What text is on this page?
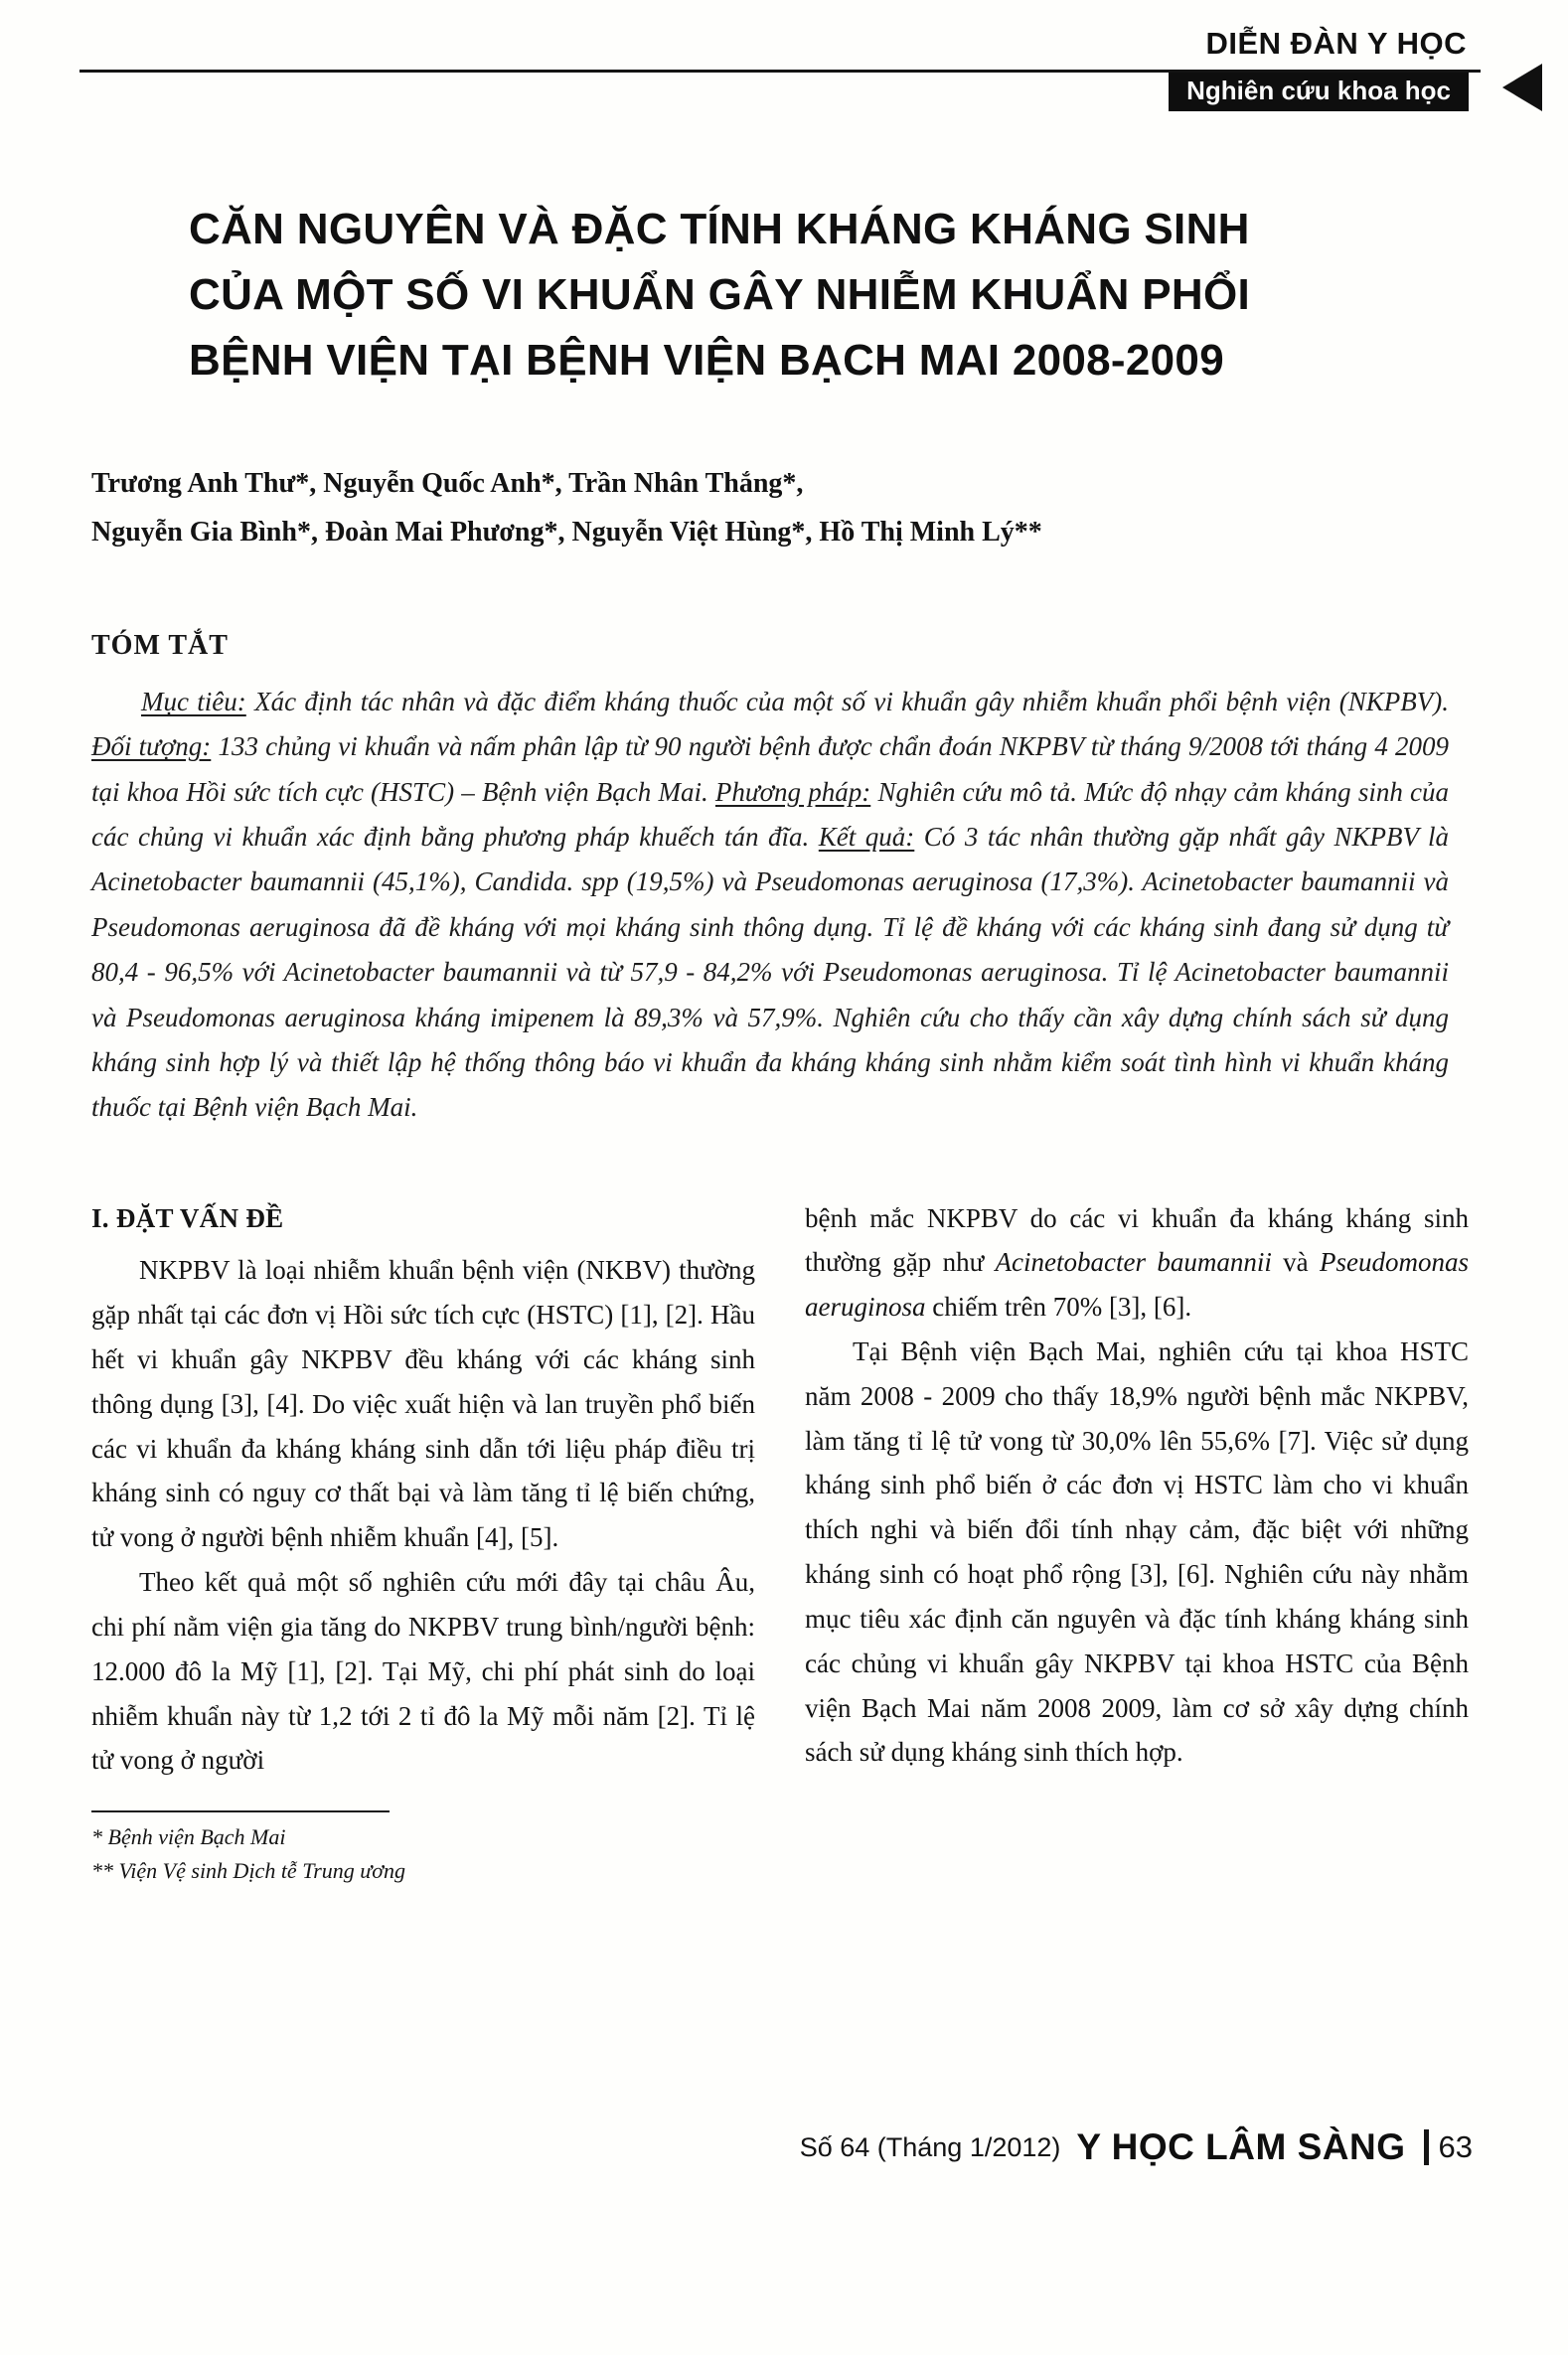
DIỄN ĐÀN Y HỌC
Nghiên cứu khoa học
CĂN NGUYÊN VÀ ĐẶC TÍNH KHÁNG KHÁNG SINH
CỦA MỘT SỐ VI KHUẨN GÂY NHIỄM KHUẨN PHỔI
BỆNH VIỆN TẠI BỆNH VIỆN BẠCH MAI 2008-2009
Trương Anh Thư*, Nguyễn Quốc Anh*, Trần Nhân Thắng*,
Nguyễn Gia Bình*, Đoàn Mai Phương*, Nguyễn Việt Hùng*, Hồ Thị Minh Lý**
TÓM TẮT

Mục tiêu: Xác định tác nhân và đặc điểm kháng thuốc của một số vi khuẩn gây nhiễm khuẩn phổi bệnh viện (NKPBV). Đối tượng: 133 chủng vi khuẩn và nấm phân lập từ 90 người bệnh được chẩn đoán NKPBV từ tháng 9/2008 tới tháng 4 2009 tại khoa Hồi sức tích cực (HSTC) – Bệnh viện Bạch Mai. Phương pháp: Nghiên cứu mô tả. Mức độ nhạy cảm kháng sinh của các chủng vi khuẩn xác định bằng phương pháp khuếch tán đĩa. Kết quả: Có 3 tác nhân thường gặp nhất gây NKPBV là Acinetobacter baumannii (45,1%), Candida. spp (19,5%) và Pseudomonas aeruginosa (17,3%). Acinetobacter baumannii và Pseudomonas aeruginosa đã đề kháng với mọi kháng sinh thông dụng. Tỉ lệ đề kháng với các kháng sinh đang sử dụng từ 80,4 - 96,5% với Acinetobacter baumannii và từ 57,9 - 84,2% với Pseudomonas aeruginosa. Tỉ lệ Acinetobacter baumannii và Pseudomonas aeruginosa kháng imipenem là 89,3% và 57,9%. Nghiên cứu cho thấy cần xây dựng chính sách sử dụng kháng sinh hợp lý và thiết lập hệ thống thông báo vi khuẩn đa kháng kháng sinh nhằm kiểm soát tình hình vi khuẩn kháng thuốc tại Bệnh viện Bạch Mai.

I. ĐẶT VẤN ĐỀ

NKPBV là loại nhiễm khuẩn bệnh viện (NKBV) thường gặp nhất tại các đơn vị Hồi sức tích cực (HSTC) [1], [2]. Hầu hết vi khuẩn gây NKPBV đều kháng với các kháng sinh thông dụng [3], [4]. Do việc xuất hiện và lan truyền phổ biến các vi khuẩn đa kháng kháng sinh dẫn tới liệu pháp điều trị kháng sinh có nguy cơ thất bại và làm tăng tỉ lệ biến chứng, tử vong ở người bệnh nhiễm khuẩn [4], [5].

Theo kết quả một số nghiên cứu mới đây tại châu Âu, chi phí nằm viện gia tăng do NKPBV trung bình/người bệnh: 12.000 đô la Mỹ [1], [2]. Tại Mỹ, chi phí phát sinh do loại nhiễm khuẩn này từ 1,2 tới 2 tỉ đô la Mỹ mỗi năm [2]. Tỉ lệ tử vong ở người

* Bệnh viện Bạch Mai
** Viện Vệ sinh Dịch tễ Trung ương

bệnh mắc NKPBV do các vi khuẩn đa kháng kháng sinh thường gặp như Acinetobacter baumannii và Pseudomonas aeruginosa chiếm trên 70% [3], [6].

Tại Bệnh viện Bạch Mai, nghiên cứu tại khoa HSTC năm 2008 - 2009 cho thấy 18,9% người bệnh mắc NKPBV, làm tăng tỉ lệ tử vong từ 30,0% lên 55,6% [7]. Việc sử dụng kháng sinh phổ biến ở các đơn vị HSTC làm cho vi khuẩn thích nghi và biến đổi tính nhạy cảm, đặc biệt với những kháng sinh có hoạt phổ rộng [3], [6]. Nghiên cứu này nhằm mục tiêu xác định căn nguyên và đặc tính kháng kháng sinh các chủng vi khuẩn gây NKPBV tại khoa HSTC của Bệnh viện Bạch Mai năm 2008 2009, làm cơ sở xây dựng chính sách sử dụng kháng sinh thích hợp.

Số 64 (Tháng 1/2012) Y HỌC LÂM SÀNG 63
